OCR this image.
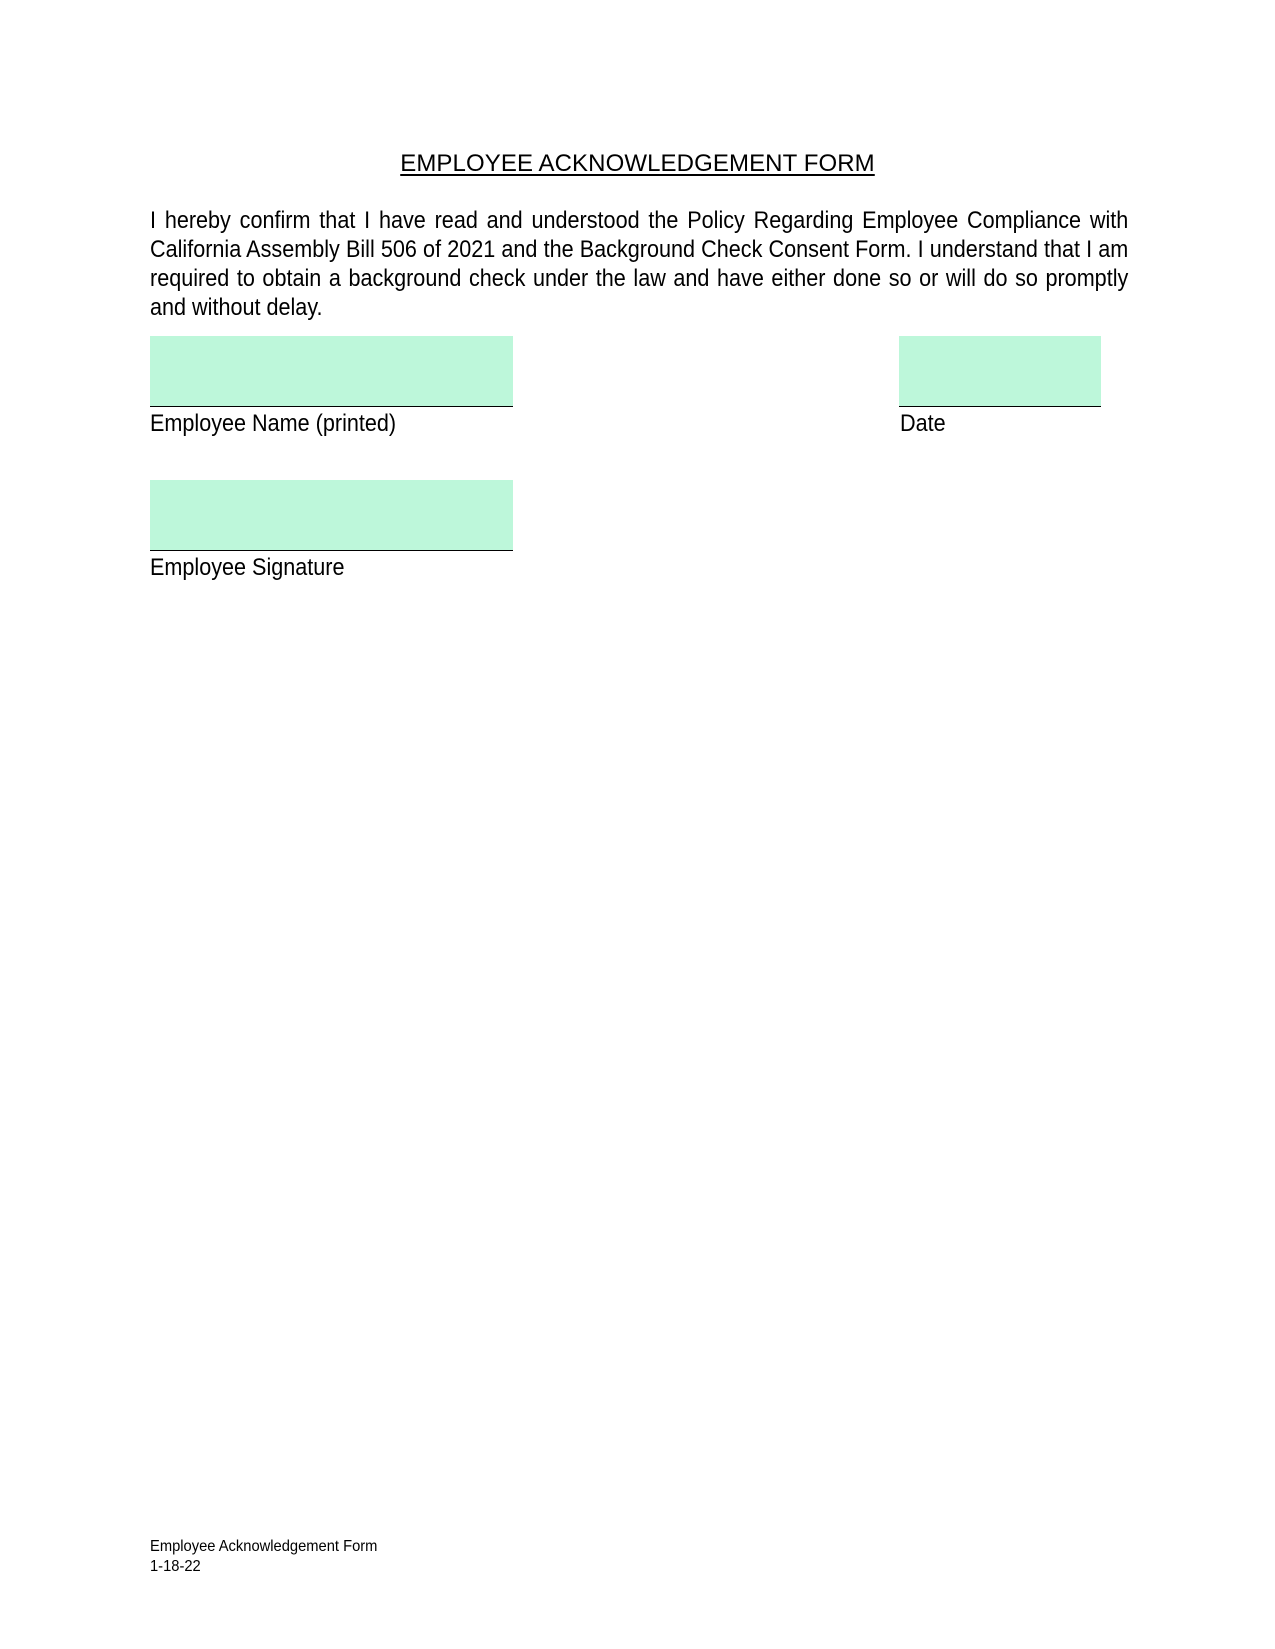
EMPLOYEE ACKNOWLEDGEMENT FORM
I hereby confirm that I have read and understood the Policy Regarding Employee Compliance with California Assembly Bill 506 of 2021 and the Background Check Consent Form. I understand that I am required to obtain a background check under the law and have either done so or will do so promptly and without delay.
Employee Name (printed)	Date
Employee Signature
Employee Acknowledgement Form
1-18-22
